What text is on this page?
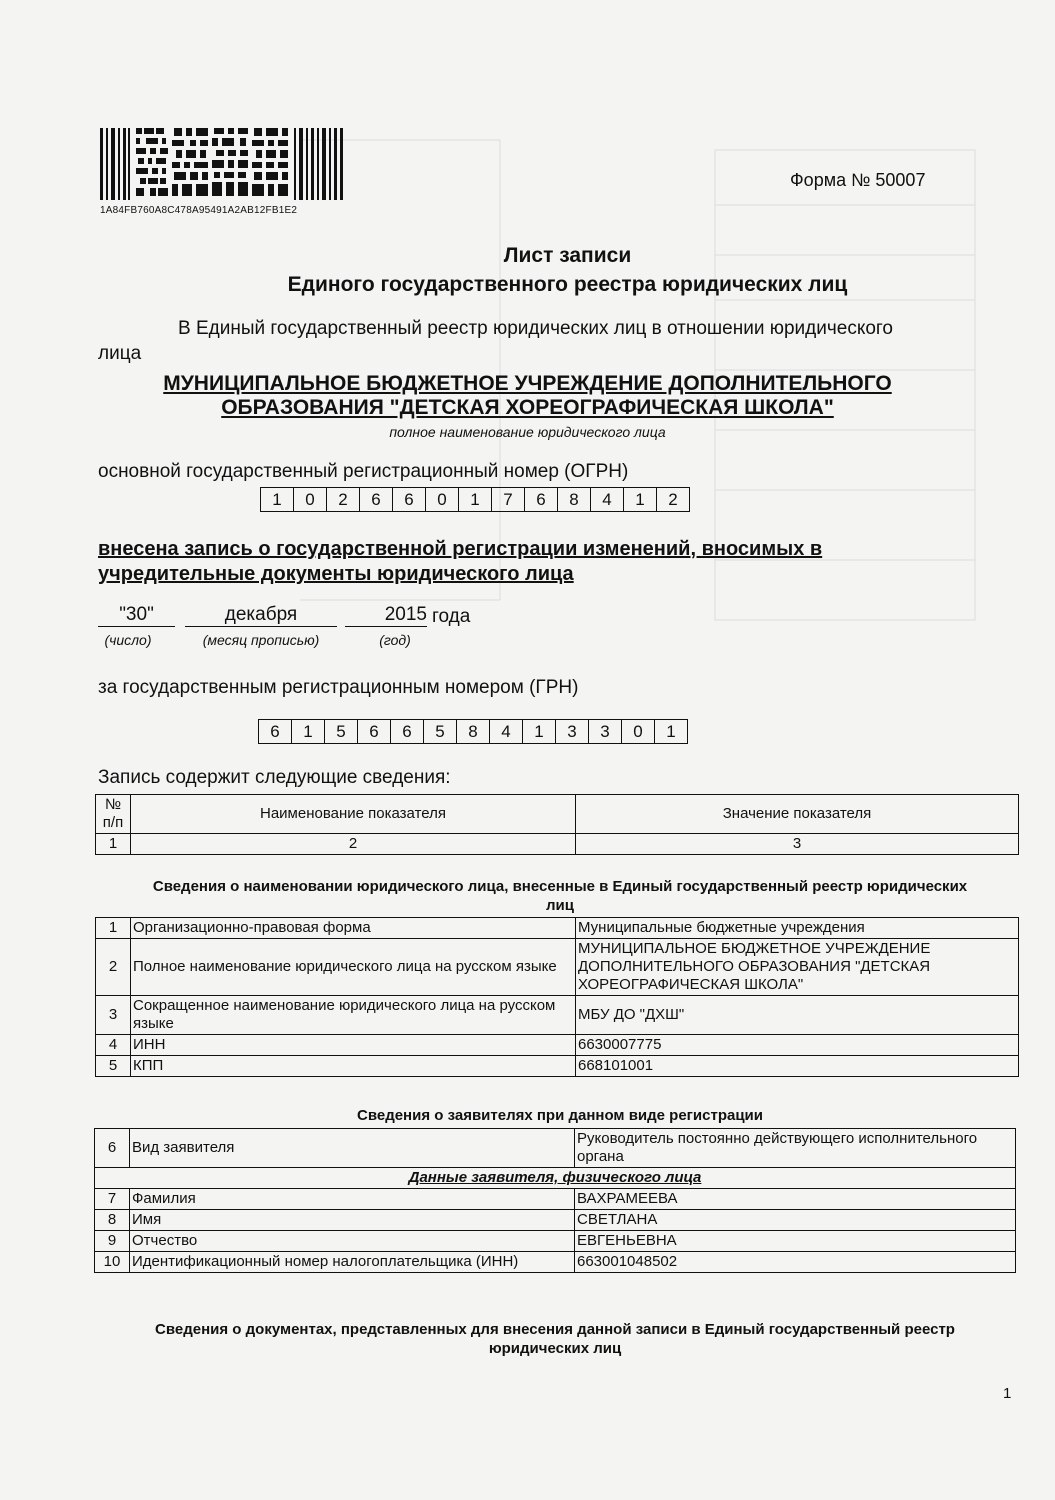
1A84FB760A8C478A95491A2AB12FB1E2
Форма № 50007
Лист записи
Единого государственного реестра юридических лиц
В Единый государственный реестр юридических лиц в отношении юридического
лица
МУНИЦИПАЛЬНОЕ БЮДЖЕТНОЕ УЧРЕЖДЕНИЕ ДОПОЛНИТЕЛЬНОГО
ОБРАЗОВАНИЯ "ДЕТСКАЯ ХОРЕОГРАФИЧЕСКАЯ ШКОЛА"
полное наименование юридического лица
основной государственный регистрационный номер (ОГРН)
1	0	2	6	6	0	1	7	6	8	4	1	2
внесена запись о государственной регистрации изменений, вносимых в
учредительные документы юридического лица
"30"	декабря	2015 года
(число)	(месяц прописью)	(год)
за государственным регистрационным номером (ГРН)
6	1	5	6	6	5	8	4	1	3	3	0	1
Запись содержит следующие сведения:
№ п/п	Наименование показателя	Значение показателя
1	2	3
Сведения о наименовании юридического лица, внесенные в Единый государственный реестр юридических лиц
1	Организационно-правовая форма	Муниципальные бюджетные учреждения
2	Полное наименование юридического лица на русском языке	МУНИЦИПАЛЬНОЕ БЮДЖЕТНОЕ УЧРЕЖДЕНИЕ ДОПОЛНИТЕЛЬНОГО ОБРАЗОВАНИЯ "ДЕТСКАЯ ХОРЕОГРАФИЧЕСКАЯ ШКОЛА"
3	Сокращенное наименование юридического лица на русском языке	МБУ ДО "ДХШ"
4	ИНН	6630007775
5	КПП	668101001
Сведения о заявителях при данном виде регистрации
6	Вид заявителя	Руководитель постоянно действующего исполнительного органа
Данные заявителя, физического лица		
7	Фамилия	ВАХРАМЕЕВА
8	Имя	СВЕТЛАНА
9	Отчество	ЕВГЕНЬЕВНА
10	Идентификационный номер налогоплательщика (ИНН)	663001048502
Сведения о документах, представленных для внесения данной записи в Единый государственный реестр юридических лиц
1
